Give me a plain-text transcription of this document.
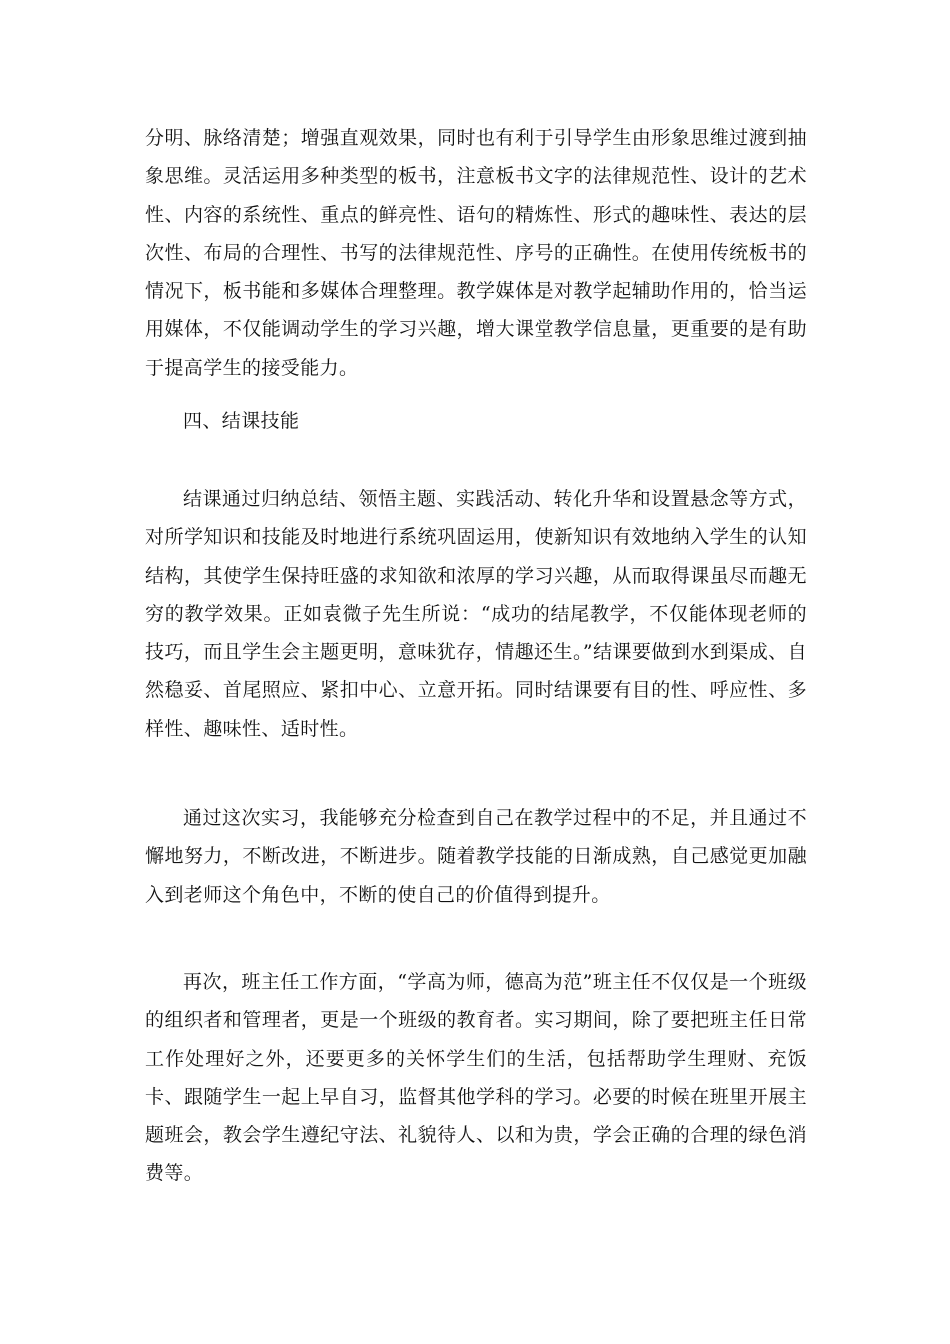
分明、脉络清楚；增强直观效果，同时也有利于引导学生由形象思维过渡到抽象思维。灵活运用多种类型的板书，注意板书文字的法律规范性、设计的艺术性、内容的系统性、重点的鲜亮性、语句的精炼性、形式的趣味性、表达的层次性、布局的合理性、书写的法律规范性、序号的正确性。在使用传统板书的情况下，板书能和多媒体合理整理。教学媒体是对教学起辅助作用的，恰当运用媒体，不仅能调动学生的学习兴趣，增大课堂教学信息量，更重要的是有助于提高学生的接受能力。

四、结课技能

结课通过归纳总结、领悟主题、实践活动、转化升华和设置悬念等方式，对所学知识和技能及时地进行系统巩固运用，使新知识有效地纳入学生的认知结构，其使学生保持旺盛的求知欲和浓厚的学习兴趣，从而取得课虽尽而趣无穷的教学效果。正如袁微子先生所说：“成功的结尾教学，不仅能体现老师的技巧，而且学生会主题更明，意味犹存，情趣还生。”结课要做到水到渠成、自然稳妥、首尾照应、紧扣中心、立意开拓。同时结课要有目的性、呼应性、多样性、趣味性、适时性。

通过这次实习，我能够充分检查到自己在教学过程中的不足，并且通过不懈地努力，不断改进，不断进步。随着教学技能的日渐成熟，自己感觉更加融入到老师这个角色中，不断的使自己的价值得到提升。

再次，班主任工作方面，“学高为师，德高为范”班主任不仅仅是一个班级的组织者和管理者，更是一个班级的教育者。实习期间，除了要把班主任日常工作处理好之外，还要更多的关怀学生们的生活，包括帮助学生理财、充饭卡、跟随学生一起上早自习，监督其他学科的学习。必要的时候在班里开展主题班会，教会学生遵纪守法、礼貌待人、以和为贵，学会正确的合理的绿色消费等。
